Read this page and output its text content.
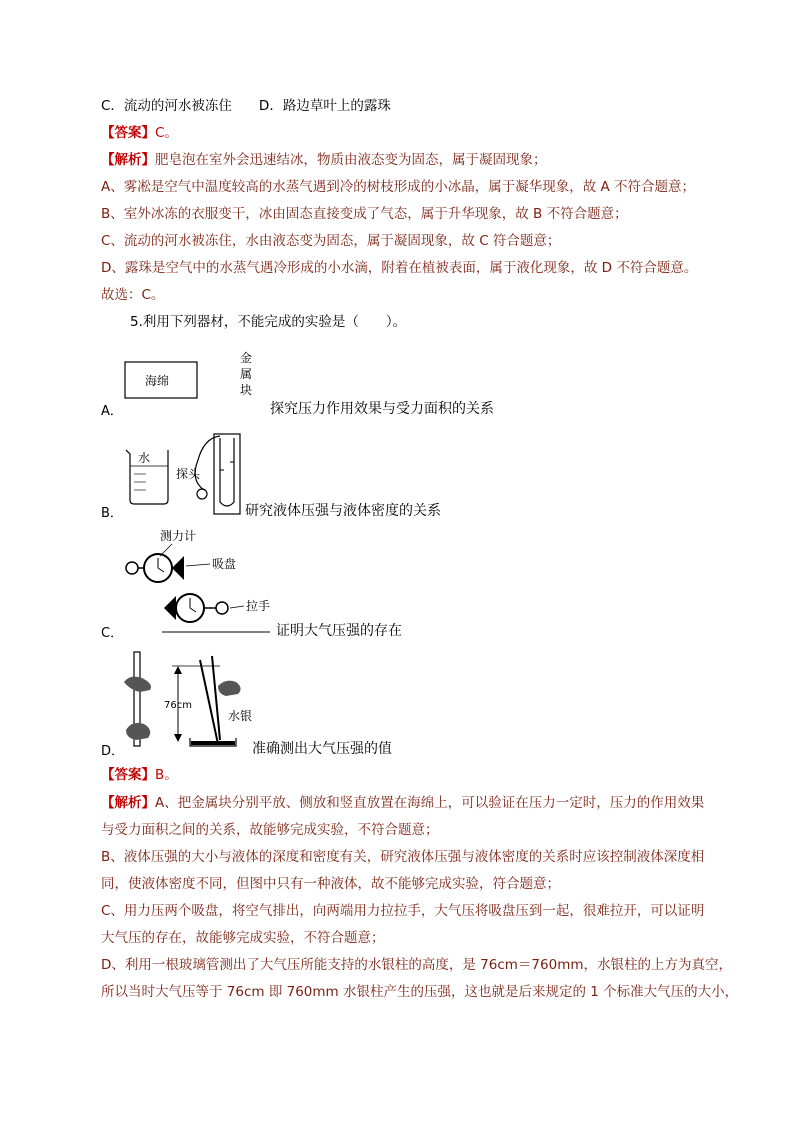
C．流动的河水被冻住　　D．路边草叶上的露珠
【答案】C。
【解析】肥皂泡在室外会迅速结冰，物质由液态变为固态，属于凝固现象；
A、雾凇是空气中温度较高的水蒸气遇到冷的树枝形成的小冰晶，属于凝华现象，故 A 不符合题意；
B、室外冰冻的衣服变干，冰由固态直接变成了气态，属于升华现象，故 B 不符合题意；
C、流动的河水被冻住，水由液态变为固态，属于凝固现象，故 C 符合题意；
D、露珠是空气中的水蒸气遇冷形成的小水滴，附着在植被表面，属于液化现象，故 D 不符合题意。
故选：C。
5.利用下列器材，不能完成的实验是（　　）。
海绵
金
属
块
A．	探究压力作用效果与受力面积的关系
水
探头
B．	研究液体压强与液体密度的关系
测力计
吸盘
拉手
C．	证明大气压强的存在
76cm
水银
D．	准确测出大气压强的值
【答案】B。
【解析】A、把金属块分别平放、侧放和竖直放置在海绵上，可以验证在压力一定时，压力的作用效果
与受力面积之间的关系，故能够完成实验，不符合题意；
B、液体压强的大小与液体的深度和密度有关，研究液体压强与液体密度的关系时应该控制液体深度相
同，使液体密度不同，但图中只有一种液体，故不能够完成实验，符合题意；
C、用力压两个吸盘，将空气排出，向两端用力拉拉手，大气压将吸盘压到一起，很难拉开，可以证明
大气压的存在，故能够完成实验，不符合题意；
D、利用一根玻璃管测出了大气压所能支持的水银柱的高度，是 76cm＝760mm，水银柱的上方为真空，
所以当时大气压等于 76cm 即 760mm 水银柱产生的压强，这也就是后来规定的 1 个标准大气压的大小，
